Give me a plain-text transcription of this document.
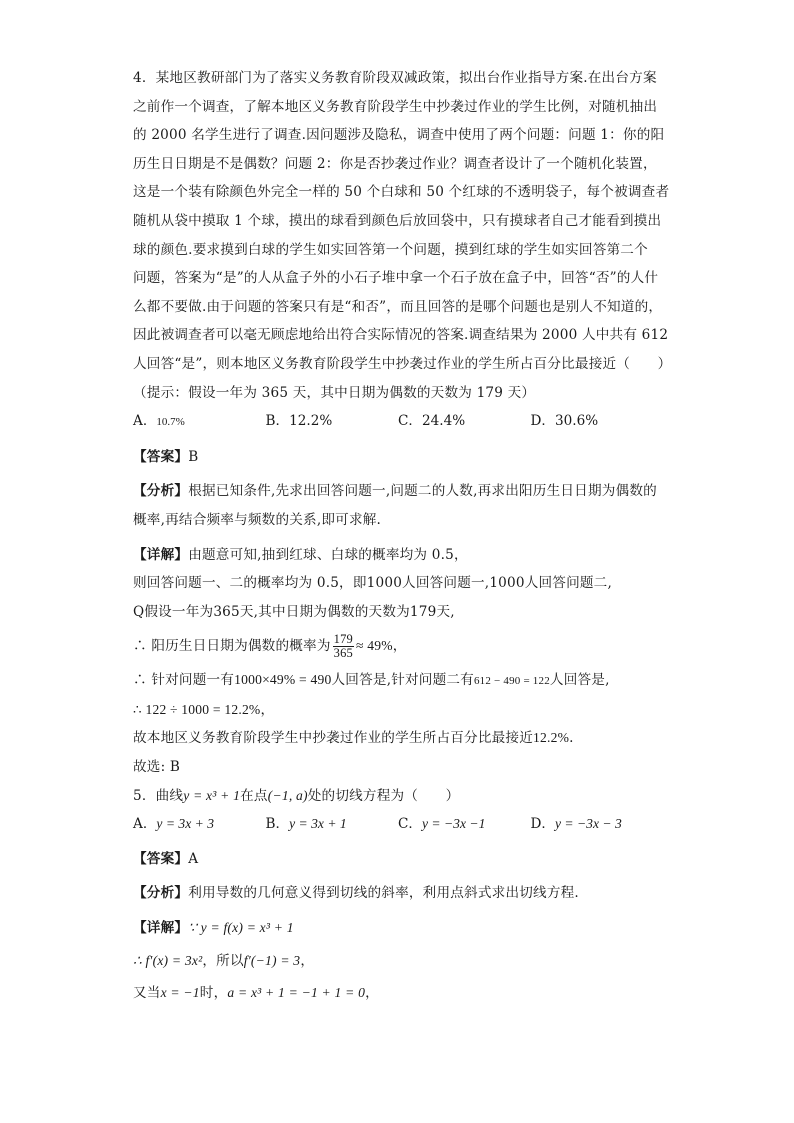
4．某地区教研部门为了落实义务教育阶段双减政策，拟出台作业指导方案.在出台方案
之前作一个调查，了解本地区义务教育阶段学生中抄袭过作业的学生比例，对随机抽出
的 2000 名学生进行了调查.因问题涉及隐私，调查中使用了两个问题：问题 1：你的阳
历生日日期是不是偶数？问题 2：你是否抄袭过作业？调查者设计了一个随机化装置，
这是一个装有除颜色外完全一样的 50 个白球和 50 个红球的不透明袋子，每个被调查者
随机从袋中摸取 1 个球，摸出的球看到颜色后放回袋中，只有摸球者自己才能看到摸出
球的颜色.要求摸到白球的学生如实回答第一个问题，摸到红球的学生如实回答第二个
问题，答案为“是”的人从盒子外的小石子堆中拿一个石子放在盒子中，回答“否”的人什
么都不要做.由于问题的答案只有是“和否”，而且回答的是哪个问题也是别人不知道的，
因此被调查者可以毫无顾虑地给出符合实际情况的答案.调查结果为 2000 人中共有 612
人回答“是”，则本地区义务教育阶段学生中抄袭过作业的学生所占百分比最接近（　　）
（提示：假设一年为 365 天，其中日期为偶数的天数为 179 天）

A．10.7%	B．12.2%	C．24.4%	D．30.6%

【答案】B

【分析】根据已知条件,先求出回答问题一,问题二的人数,再求出阳历生日日期为偶数的
概率,再结合频率与频数的关系,即可求解.

【详解】由题意可知,抽到红球、白球的概率均为 0.5，
则回答问题一、二的概率均为 0.5，即1000人回答问题一,1000人回答问题二,
Q假设一年为365天,其中日期为偶数的天数为179天,
∴ 阳历生日日期为偶数的概率为 $\frac{179}{365} \approx 49\%$，
∴ 针对问题一有1000×49% = 490人回答是,针对问题二有612 − 490 = 122人回答是,
∴ 122 ÷ 1000 = 12.2%，
故本地区义务教育阶段学生中抄袭过作业的学生所占百分比最接近12.2%.
故选: B

5．曲线y = x³ + 1在点(−1, a)处的切线方程为（　　）

A．y = 3x + 3	B．y = 3x + 1	C．y = −3x −1	D．y = −3x − 3

【答案】A

【分析】利用导数的几何意义得到切线的斜率，利用点斜式求出切线方程.

【详解】∵ y = f(x) = x³ + 1
∴ f′(x) = 3x²，所以f′(−1) = 3，
又当x = −1时，a = x³ + 1 = −1 + 1 = 0，
